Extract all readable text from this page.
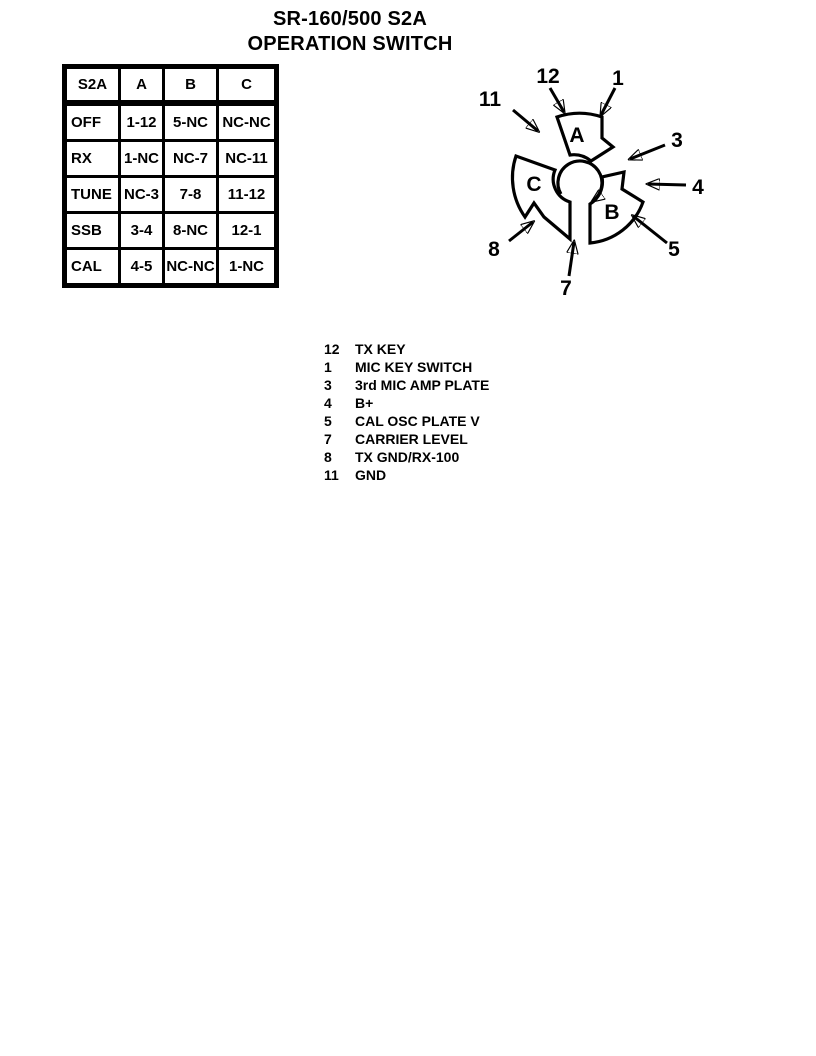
SR-160/500 S2A
OPERATION SWITCH
S2A	A	B	C
OFF	1-12	5-NC	NC-NC
RX	1-NC	NC-7	NC-11
TUNE	NC-3	7-8	11-12
SSB	3-4	8-NC	12-1
CAL	4-5	NC-NC	1-NC
A
B
C
12 1
11
3
4
5
7
8
12	TX KEY
1	MIC KEY SWITCH
3	3rd MIC AMP PLATE
4	B+
5	CAL OSC PLATE V
7	CARRIER LEVEL
8	TX GND/RX-100
11	GND
